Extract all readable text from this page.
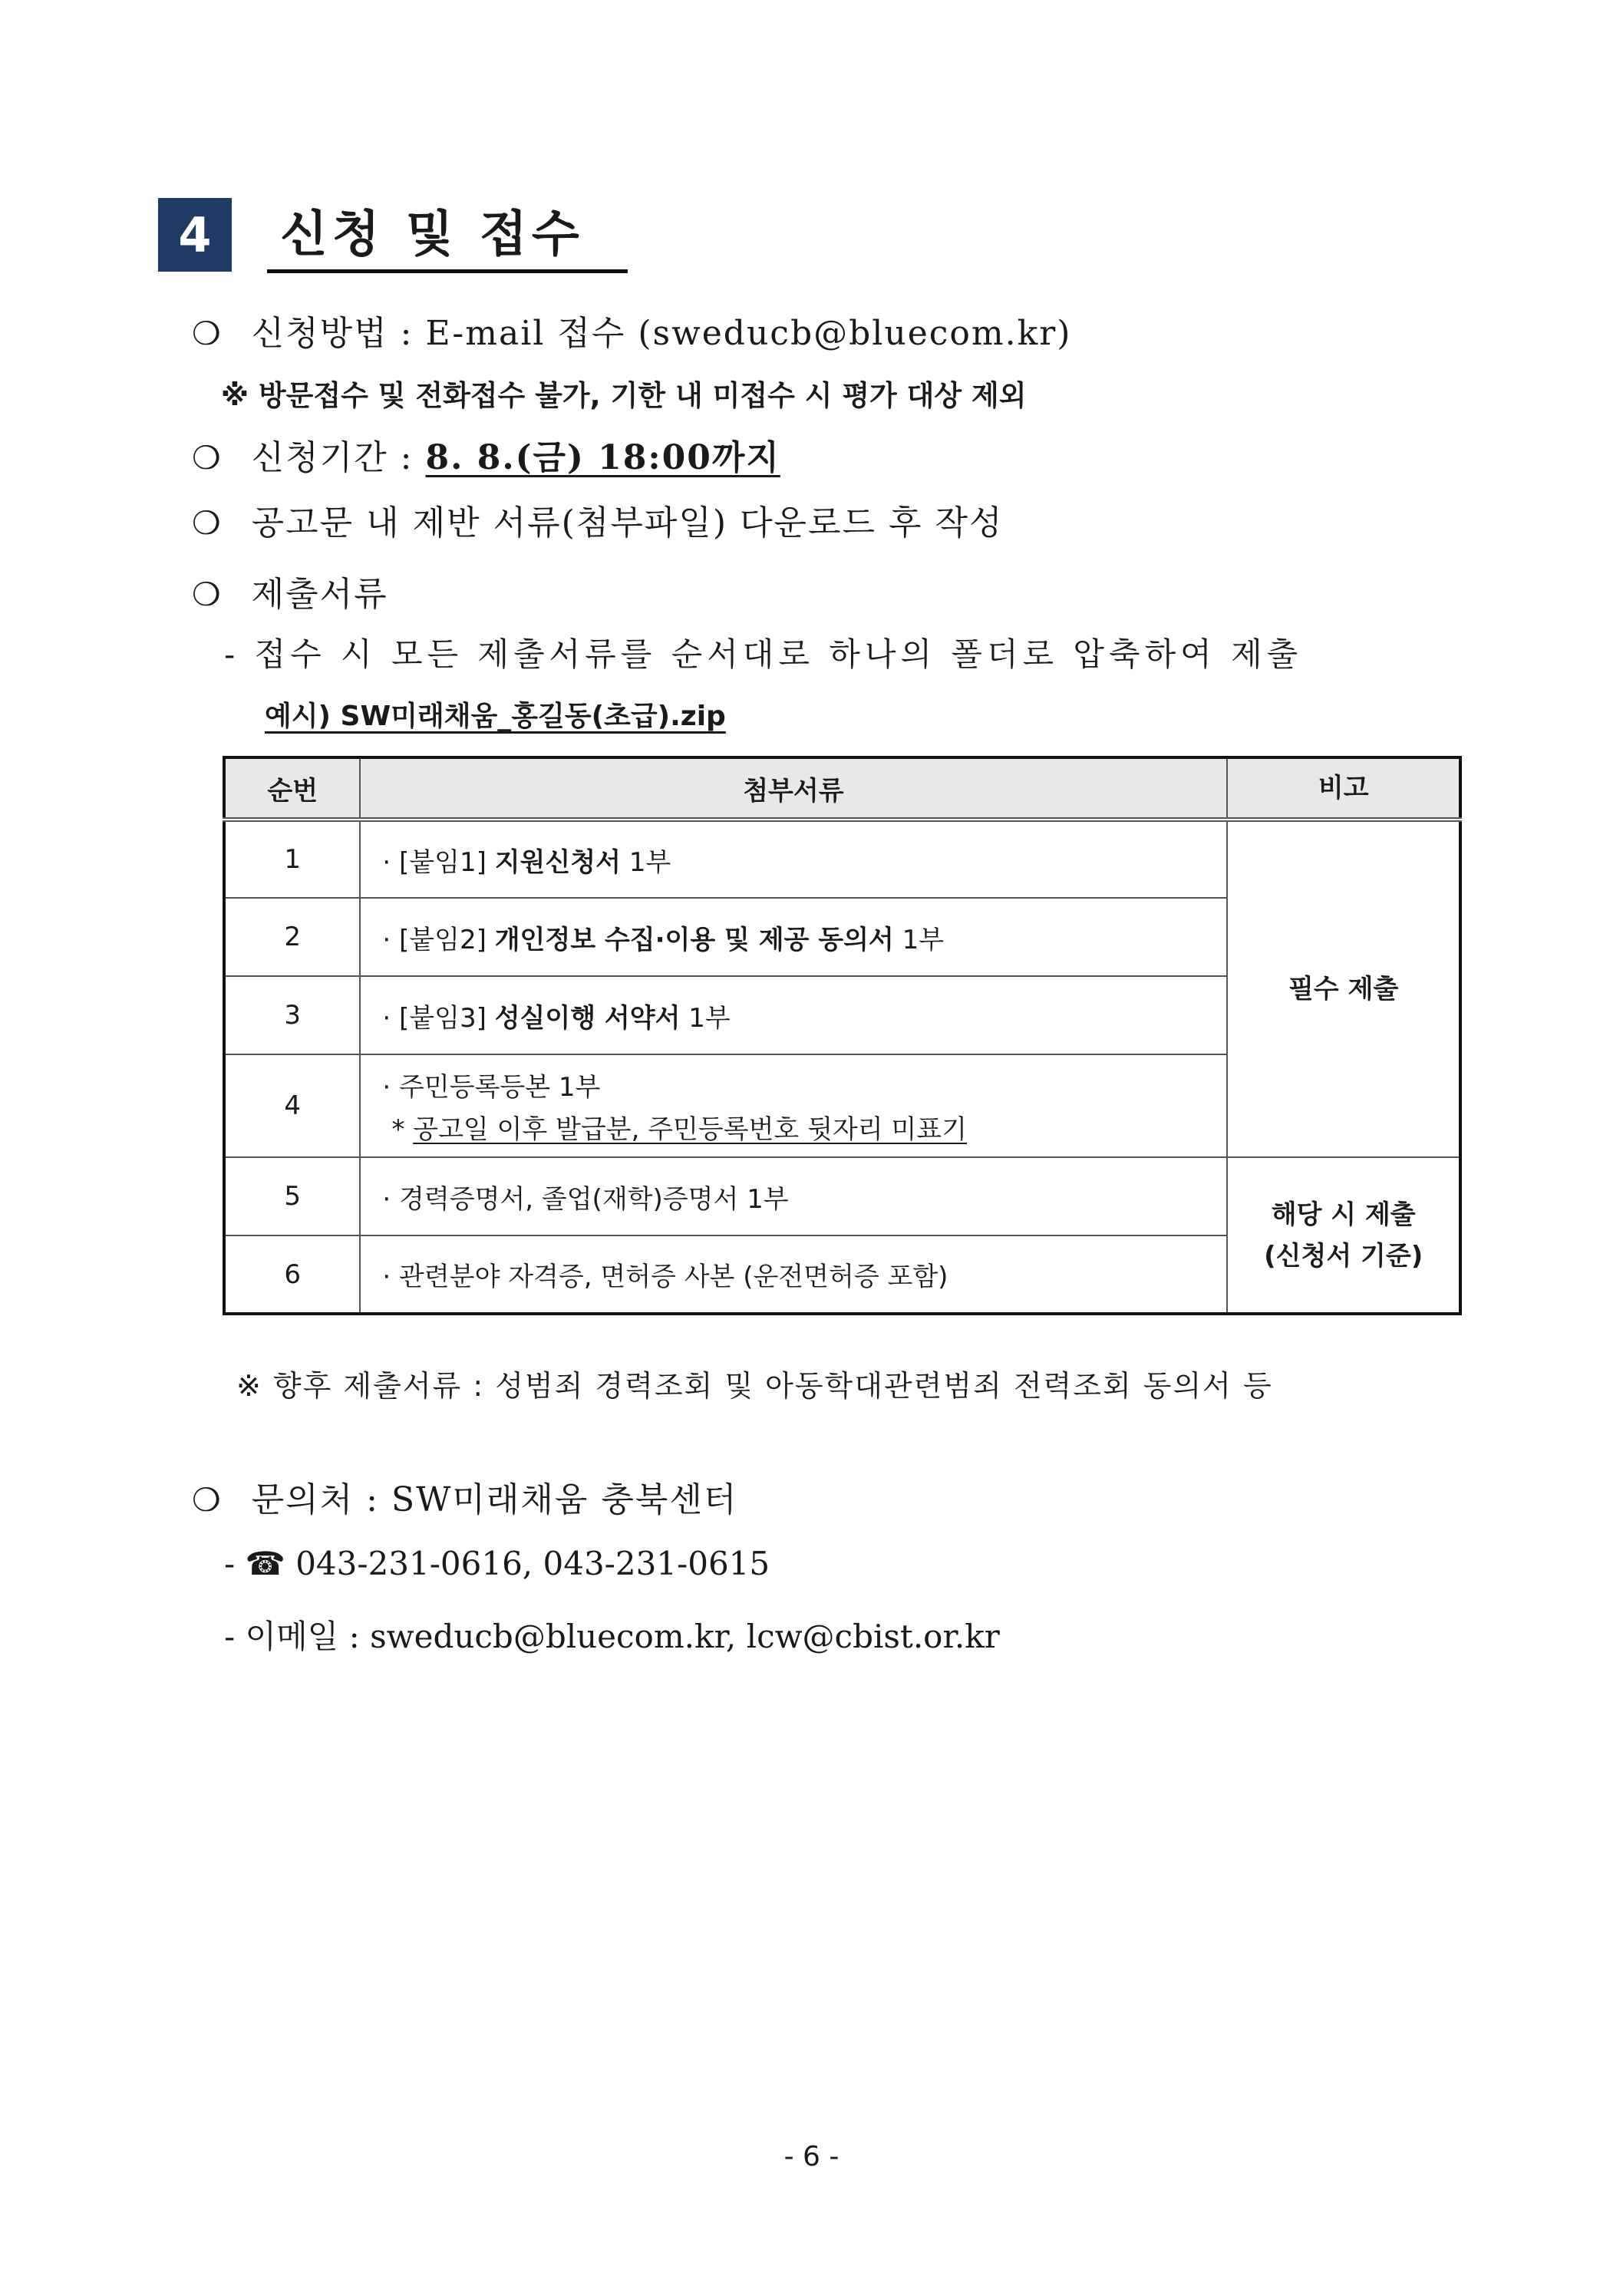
4	신청 및 접수
❍ 신청방법 : E-mail 접수 (sweducb@bluecom.kr)
※ 방문접수 및 전화접수 불가, 기한 내 미접수 시 평가 대상 제외
❍ 신청기간 : 8. 8.(금) 18:00까지
❍ 공고문 내 제반 서류(첨부파일) 다운로드 후 작성
❍ 제출서류
- 접수 시 모든 제출서류를 순서대로 하나의 폴더로 압축하여 제출
예시) SW미래채움_홍길동(초급).zip
순번	첨부서류	비고
1	· [붙임1] 지원신청서 1부	필수 제출
2	· [붙임2] 개인정보 수집·이용 및 제공 동의서 1부	
3	· [붙임3] 성실이행 서약서 1부	
4	· 주민등록등본 1부
* 공고일 이후 발급분, 주민등록번호 뒷자리 미표기	

5	· 경력증명서, 졸업(재학)증명서 1부	해당 시 제출
(신청서 기준)
6	· 관련분야 자격증, 면허증 사본 (운전면허증 포함)	
※ 향후 제출서류 : 성범죄 경력조회 및 아동학대관련범죄 전력조회 동의서 등
❍ 문의처 : SW미래채움 충북센터
- ☎ 043-231-0616, 043-231-0615
- 이메일 : sweducb@bluecom.kr, lcw@cbist.or.kr
- 6 -
